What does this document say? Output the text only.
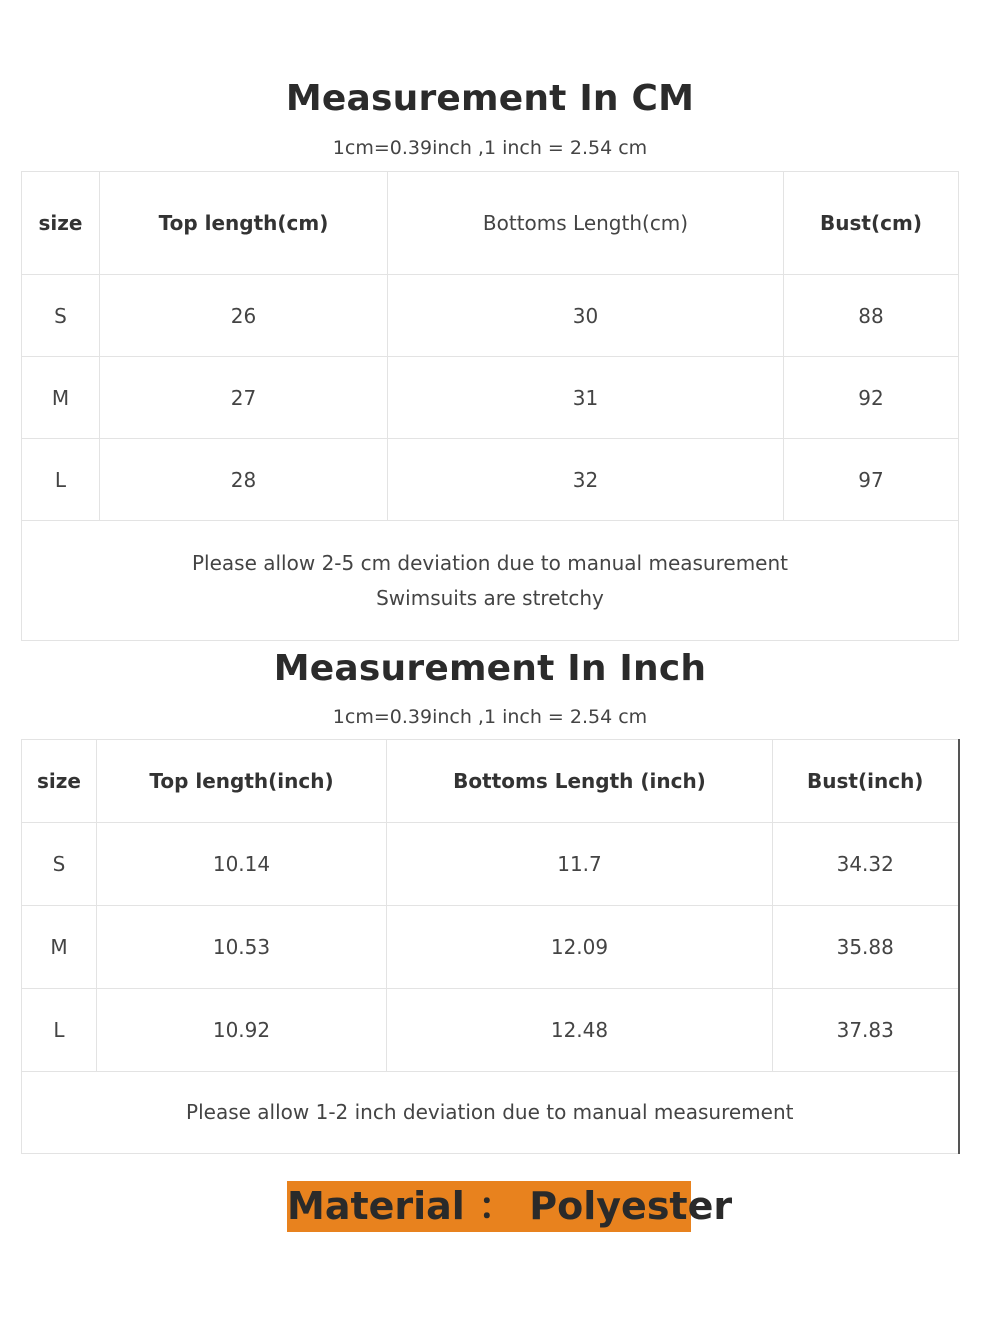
Measurement In CM

1cm=0.39inch ,1 inch = 2.54 cm

size	Top length(cm)	Bottoms Length(cm)	Bust(cm)
S	26	30	88
M	27	31	92
L	28	32	97

Please allow 2-5 cm deviation due to manual measurement

Swimsuits are stretchy			

Measurement In Inch

1cm=0.39inch ,1 inch = 2.54 cm

size	Top length(inch)	Bottoms Length (inch)	Bust(inch)
S	10.14	11.7	34.32
M	10.53	12.09	35.88
L	10.92	12.48	37.83

Please allow 1-2 inch deviation due to manual measurement			

Material ： Polyester
